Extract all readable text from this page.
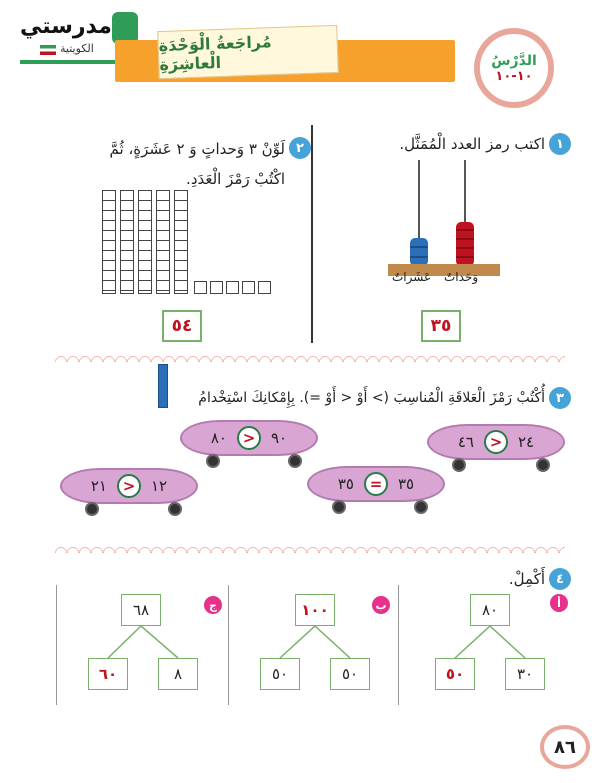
مدرستي
الكويتية	مُراجَعةُ الْوَحْدَةِ الْعاشِرَةِ	الدَّرْسُ
١٠-١٠
١
اكتب رمز العدد الْمُمَثَّل.
عَشَراتٌ وَحَداتٌ
٣٥
٢
لَوِّنْ ٣ وَحداتٍ وَ ٢ عَشَرَةٍ، ثُمَّ اكْتُبْ رَمْزَ الْعَدَدِ.
٥٤
٣
أُكْتُبْ رَمْزَ الْعَلاقَةِ الْمُناسِبَ (> أَوْ < أَوْ =). بِإِمْكانِكَ اسْتِخْدامُ
٤٦	>	٢٤
٨٠	>	٩٠
٣٥	=	٣٥
٢١	>	١٢
٤
أَكْمِلْ.
أ
٨٠
٥٠	٣٠
ب
١٠٠
٥٠	٥٠
ج
٦٨
٦٠	٨
٨٦
